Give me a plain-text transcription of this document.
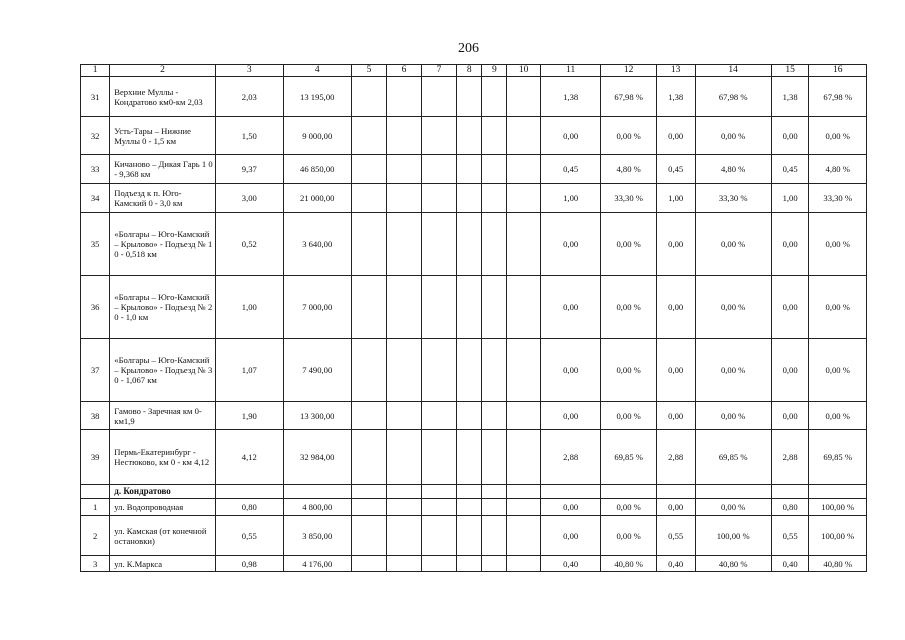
206
1	2	3	4	5	6	7	8	9	10	11	12	13	14	15	16
31	Верхние Муллы - Кондратово км0-км 2,03	2,03	13 195,00							1,38	67,98 %	1,38	67,98 %	1,38	67,98 %
32	Усть-Тары – Нижние Муллы 0 - 1,5 км	1,50	9 000,00							0,00	0,00 %	0,00	0,00 %	0,00	0,00 %
33	Кичаново – Дикая Гарь 1 0 - 9,368 км	9,37	46 850,00							0,45	4,80 %	0,45	4,80 %	0,45	4,80 %
34	Подъезд к п. Юго-Камский 0 - 3,0 км	3,00	21 000,00							1,00	33,30 %	1,00	33,30 %	1,00	33,30 %
35	«Болгары – Юго-Камский – Крылово» - Подъезд № 1 0 - 0,518 км	0,52	3 640,00							0,00	0,00 %	0,00	0,00 %	0,00	0,00 %
36	«Болгары – Юго-Камский – Крылово» - Подъезд № 2 0 - 1,0 км	1,00	7 000,00							0,00	0,00 %	0,00	0,00 %	0,00	0,00 %
37	«Болгары – Юго-Камский – Крылово» - Подъезд № 3 0 - 1,067 км	1,07	7 490,00							0,00	0,00 %	0,00	0,00 %	0,00	0,00 %
38	Гамово - Заречная км 0-км1,9	1,90	13 300,00							0,00	0,00 %	0,00	0,00 %	0,00	0,00 %
39	Пермь-Екатеринбург - Нестюково, км 0 - км 4,12	4,12	32 984,00							2,88	69,85 %	2,88	69,85 %	2,88	69,85 %
	д. Кондратово														
1	ул. Водопроводная	0,80	4 800,00							0,00	0,00 %	0,00	0,00 %	0,80	100,00 %
2	ул. Камская (от конечной остановки)	0,55	3 850,00							0,00	0,00 %	0,55	100,00 %	0,55	100,00 %
3	ул. К.Маркса	0,98	4 176,00							0,40	40,80 %	0,40	40,80 %	0,40	40,80 %
